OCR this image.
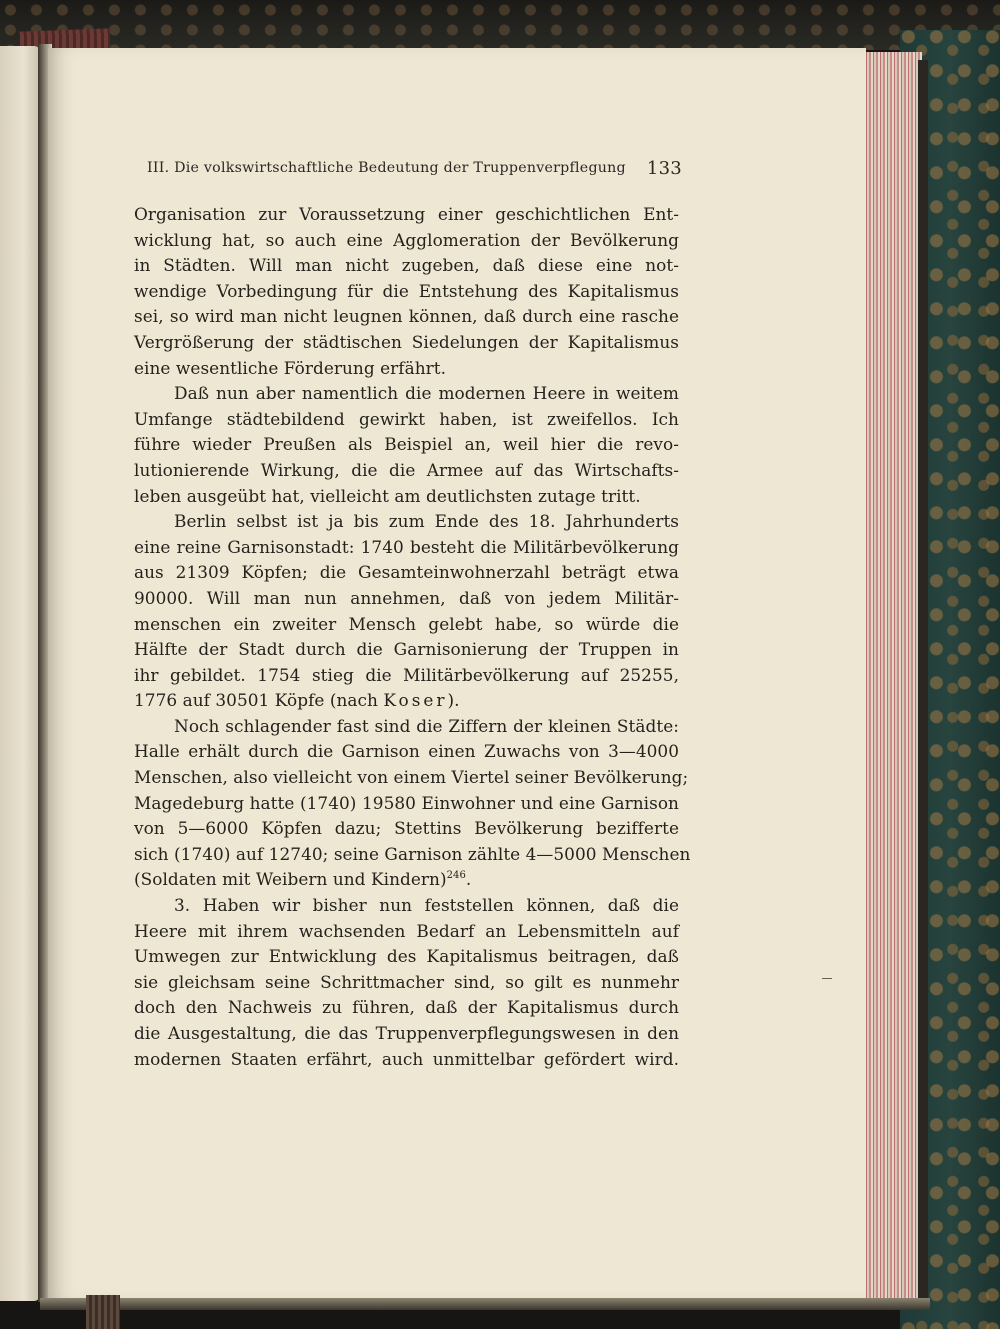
III. Die volkswirtschaftliche Bedeutung der Truppenverpflegung 133
Organisation zur Voraussetzung einer geschichtlichen Ent-
wicklung hat, so auch eine Agglomeration der Bevölkerung
in Städten. Will man nicht zugeben, daß diese eine not-
wendige Vorbedingung für die Entstehung des Kapitalismus
sei, so wird man nicht leugnen können, daß durch eine rasche
Vergrößerung der städtischen Siedelungen der Kapitalismus
eine wesentliche Förderung erfährt.
Daß nun aber namentlich die modernen Heere in weitem
Umfange städtebildend gewirkt haben, ist zweifellos. Ich
führe wieder Preußen als Beispiel an, weil hier die revo-
lutionierende Wirkung, die die Armee auf das Wirtschafts-
leben ausgeübt hat, vielleicht am deutlichsten zutage tritt.
Berlin selbst ist ja bis zum Ende des 18. Jahrhunderts
eine reine Garnisonstadt: 1740 besteht die Militärbevölkerung
aus 21309 Köpfen; die Gesamteinwohnerzahl beträgt etwa
90000. Will man nun annehmen, daß von jedem Militär-
menschen ein zweiter Mensch gelebt habe, so würde die
Hälfte der Stadt durch die Garnisonierung der Truppen in
ihr gebildet. 1754 stieg die Militärbevölkerung auf 25255,
1776 auf 30501 Köpfe (nach Koser).
Noch schlagender fast sind die Ziffern der kleinen Städte:
Halle erhält durch die Garnison einen Zuwachs von 3—4000
Menschen, also vielleicht von einem Viertel seiner Bevölkerung;
Magedeburg hatte (1740) 19580 Einwohner und eine Garnison
von 5—6000 Köpfen dazu; Stettins Bevölkerung bezifferte
sich (1740) auf 12740; seine Garnison zählte 4—5000 Menschen
(Soldaten mit Weibern und Kindern)$^{246}$.
3. Haben wir bisher nun feststellen können, daß die
Heere mit ihrem wachsenden Bedarf an Lebensmitteln auf
Umwegen zur Entwicklung des Kapitalismus beitragen, daß
sie gleichsam seine Schrittmacher sind, so gilt es nunmehr
doch den Nachweis zu führen, daß der Kapitalismus durch
die Ausgestaltung, die das Truppenverpflegungswesen in den
modernen Staaten erfährt, auch unmittelbar gefördert wird.
